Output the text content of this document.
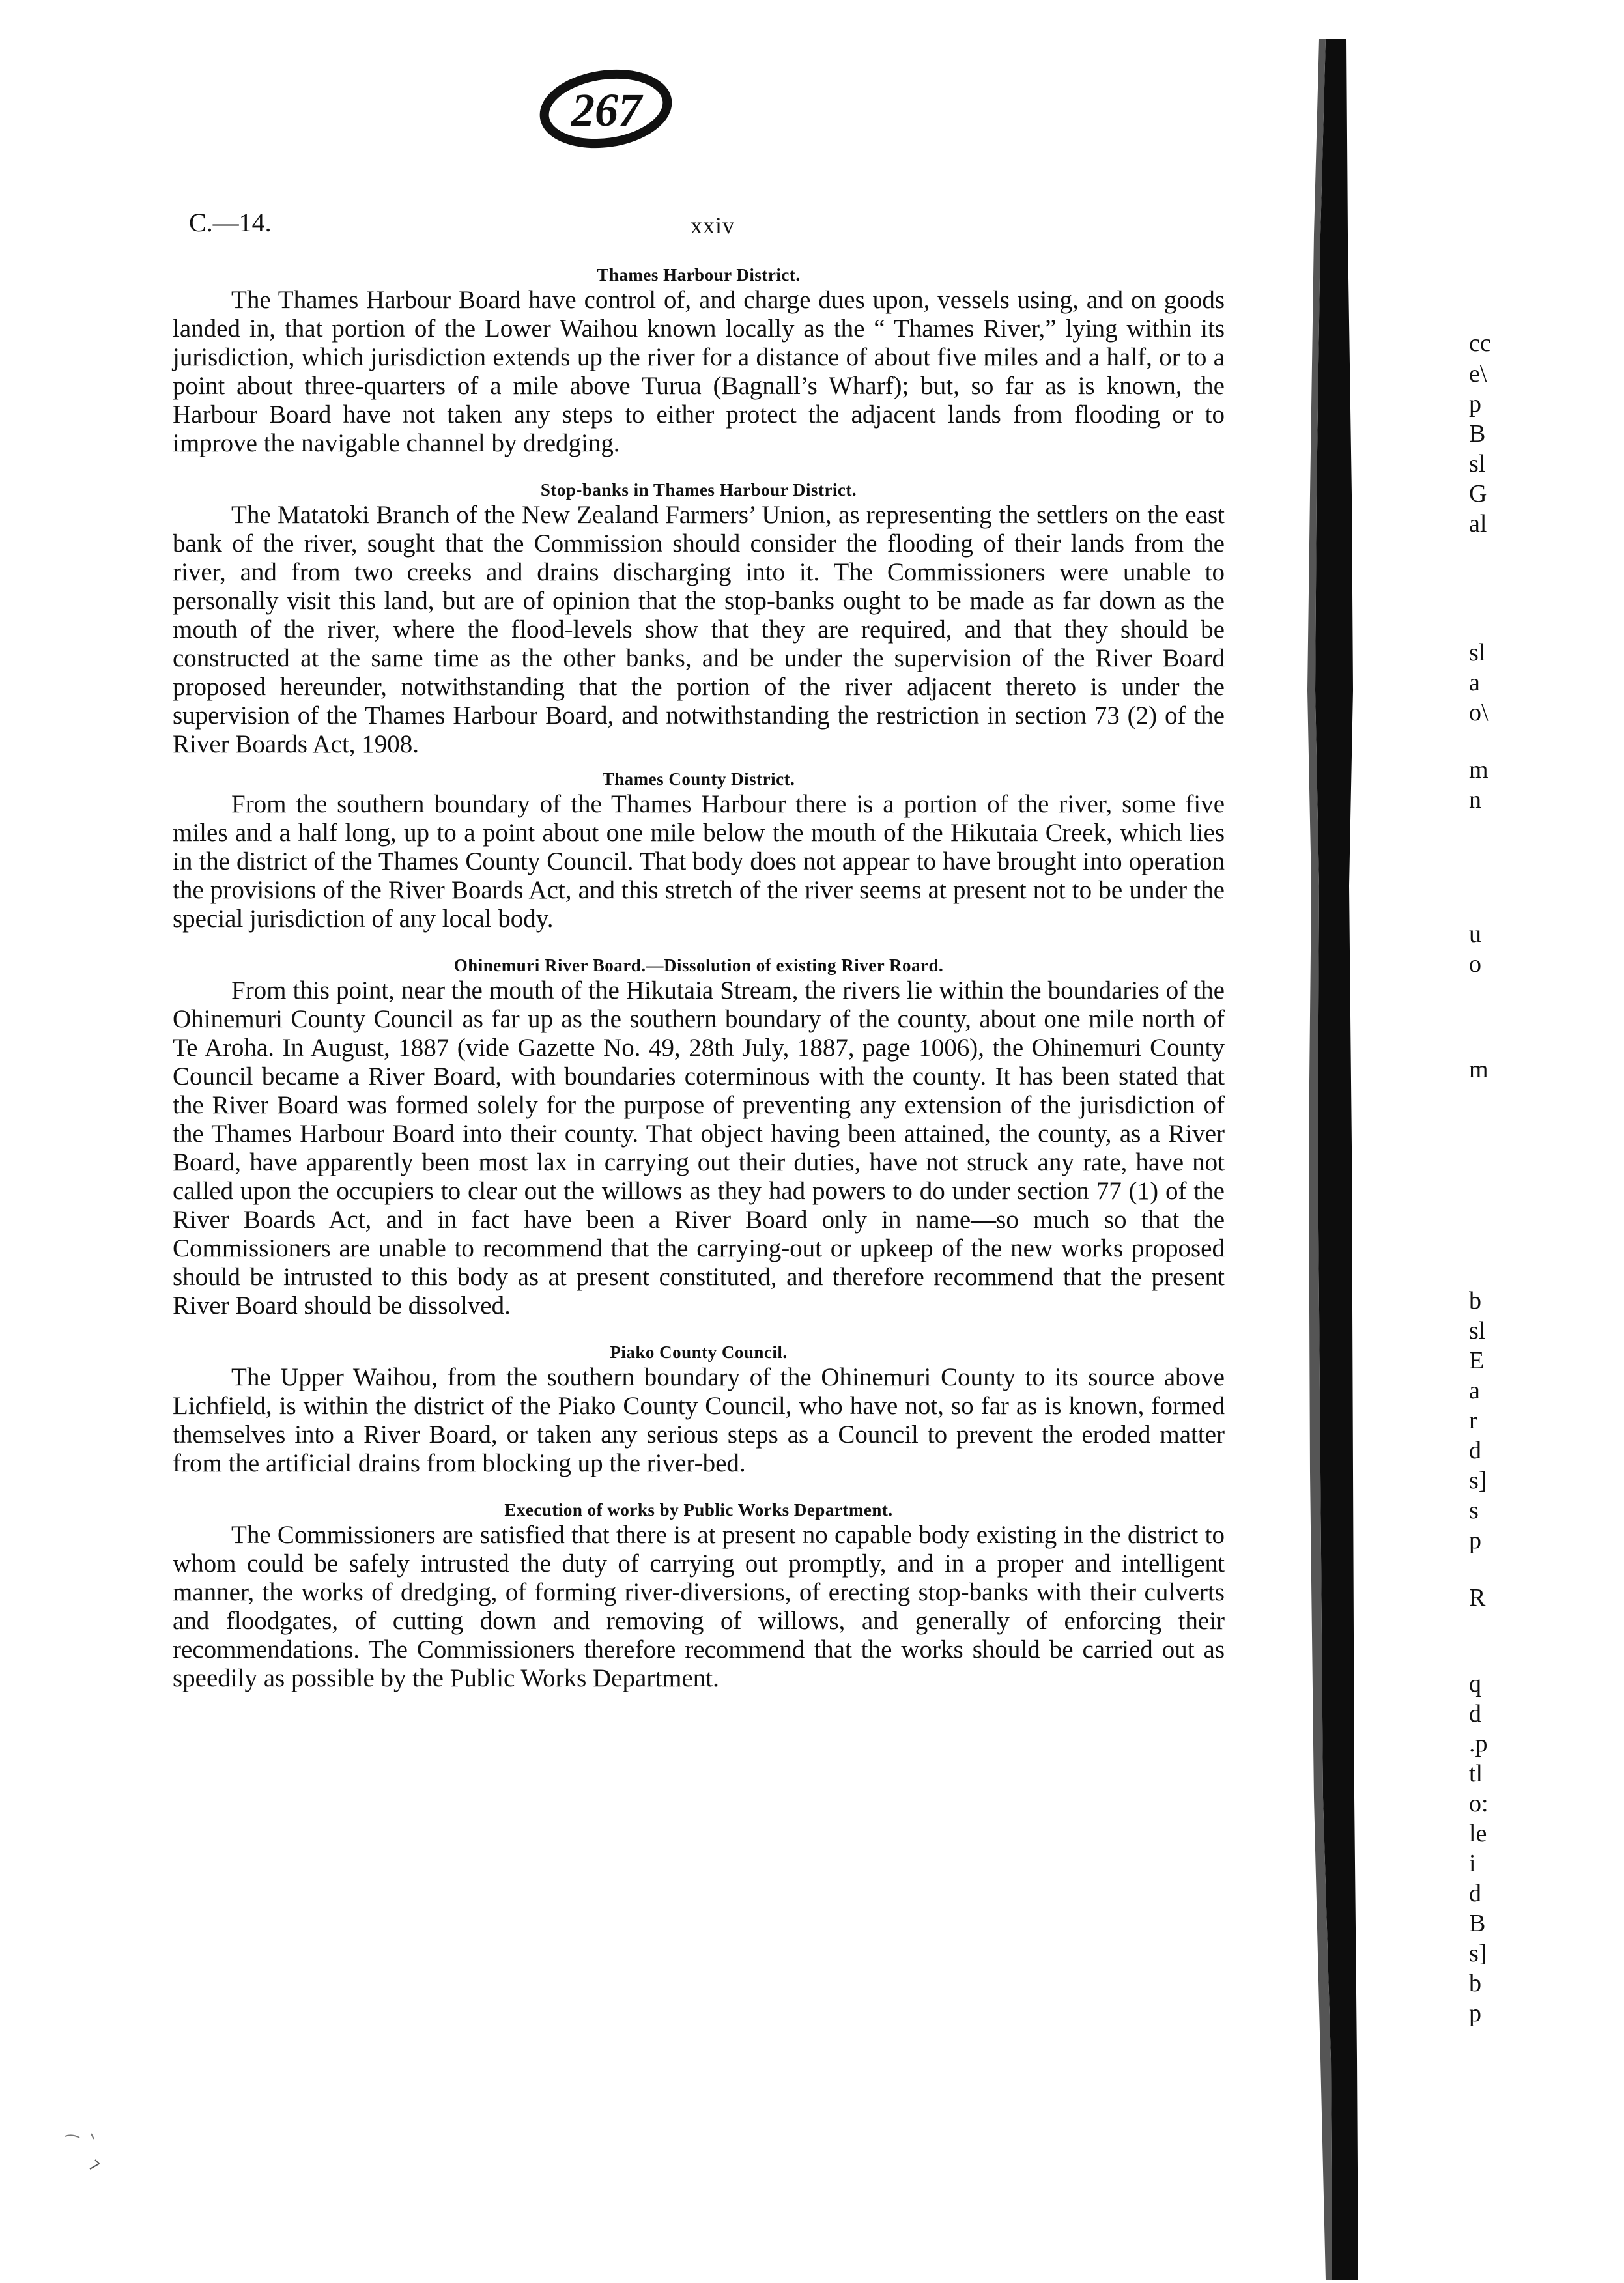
267
C.—14.	xxiv
Thames Harbour District.

The Thames Harbour Board have control of, and charge dues upon, vessels using, and on goods landed in, that portion of the Lower Waihou known locally as the “ Thames River,” lying within its jurisdiction, which jurisdiction extends up the river for a distance of about five miles and a half, or to a point about three-quarters of a mile above Turua (Bagnall’s Wharf); but, so far as is known, the Harbour Board have not taken any steps to either protect the adjacent lands from flooding or to improve the navigable channel by dredging.

Stop-banks in Thames Harbour District.

The Matatoki Branch of the New Zealand Farmers’ Union, as representing the settlers on the east bank of the river, sought that the Commission should consider the flooding of their lands from the river, and from two creeks and drains discharging into it. The Commissioners were unable to personally visit this land, but are of opinion that the stop-banks ought to be made as far down as the mouth of the river, where the flood-levels show that they are required, and that they should be constructed at the same time as the other banks, and be under the supervision of the River Board proposed hereunder, notwithstanding that the portion of the river adjacent thereto is under the supervision of the Thames Harbour Board, and notwithstanding the restriction in section 73 (2) of the River Boards Act, 1908.

Thames County District.

From the southern boundary of the Thames Harbour there is a portion of the river, some five miles and a half long, up to a point about one mile below the mouth of the Hikutaia Creek, which lies in the district of the Thames County Council. That body does not appear to have brought into operation the provisions of the River Boards Act, and this stretch of the river seems at present not to be under the special jurisdiction of any local body.

Ohinemuri River Board.—Dissolution of existing River Roard.

From this point, near the mouth of the Hikutaia Stream, the rivers lie within the boundaries of the Ohinemuri County Council as far up as the southern boundary of the county, about one mile north of Te Aroha. In August, 1887 (vide Gazette No. 49, 28th July, 1887, page 1006), the Ohinemuri County Council became a River Board, with boundaries coterminous with the county. It has been stated that the River Board was formed solely for the purpose of preventing any extension of the jurisdiction of the Thames Harbour Board into their county. That object having been attained, the county, as a River Board, have apparently been most lax in carrying out their duties, have not struck any rate, have not called upon the occupiers to clear out the willows as they had powers to do under section 77 (1) of the River Boards Act, and in fact have been a River Board only in name—so much so that the Commissioners are unable to recommend that the carrying-out or upkeep of the new works proposed should be intrusted to this body as at present constituted, and therefore recommend that the present River Board should be dissolved.

Piako County Council.

The Upper Waihou, from the southern boundary of the Ohinemuri County to its source above Lichfield, is within the district of the Piako County Council, who have not, so far as is known, formed themselves into a River Board, or taken any serious steps as a Council to prevent the eroded matter from the artificial drains from blocking up the river-bed.

Execution of works by Public Works Department.

The Commissioners are satisfied that there is at present no capable body existing in the district to whom could be safely intrusted the duty of carrying out promptly, and in a proper and intelligent manner, the works of dredging, of forming river-diversions, of erecting stop-banks with their culverts and floodgates, of cutting down and removing of willows, and generally of enforcing their recommendations. The Commissioners therefore recommend that the works should be carried out as speedily as possible by the Public Works Department.

cc
e\
p 
B
sl
G
al
sl
a 
o\
m
n 
u 
o 
m
b
sl
E
a
r
d
s]
s
p
R
q
d
.p
tl
o:
le
i 
d
B
s]
b
p
